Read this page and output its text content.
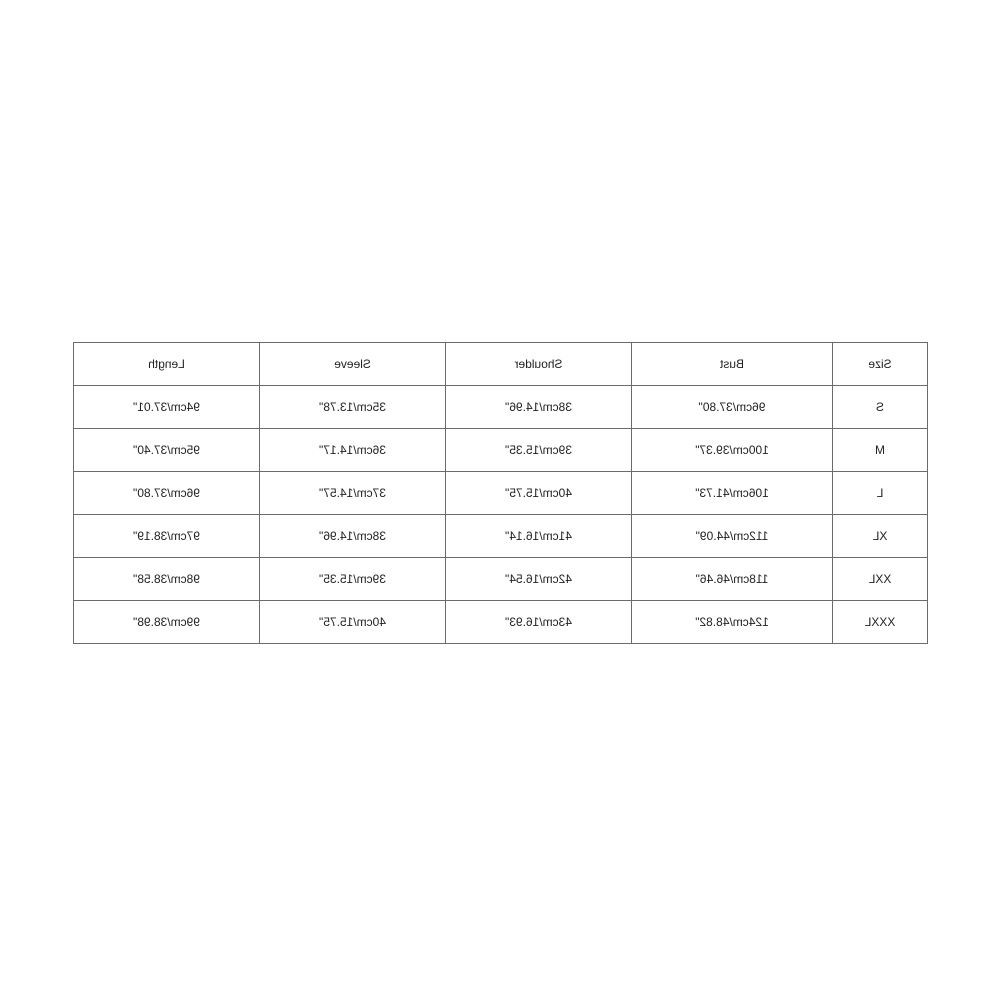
Size	Bust	Shoulder	Sleeve	Length
S	96cm/37.80"	38cm/14.96"	35cm/13.78"	94cm/37.01"
M	100cm/39.37"	39cm/15.35"	36cm/14.17"	95cm/37.40"
L	106cm/41.73"	40cm/15.75"	37cm/14.57"	96cm/37.80"
XL	112cm/44.09"	41cm/16.14"	38cm/14.96"	97cm/38.19"
XXL	118cm/46.46"	42cm/16.54"	39cm/15.35"	98cm/38.58"
XXXL	124cm/48.82"	43cm/16.93"	40cm/15.75"	99cm/38.98"
